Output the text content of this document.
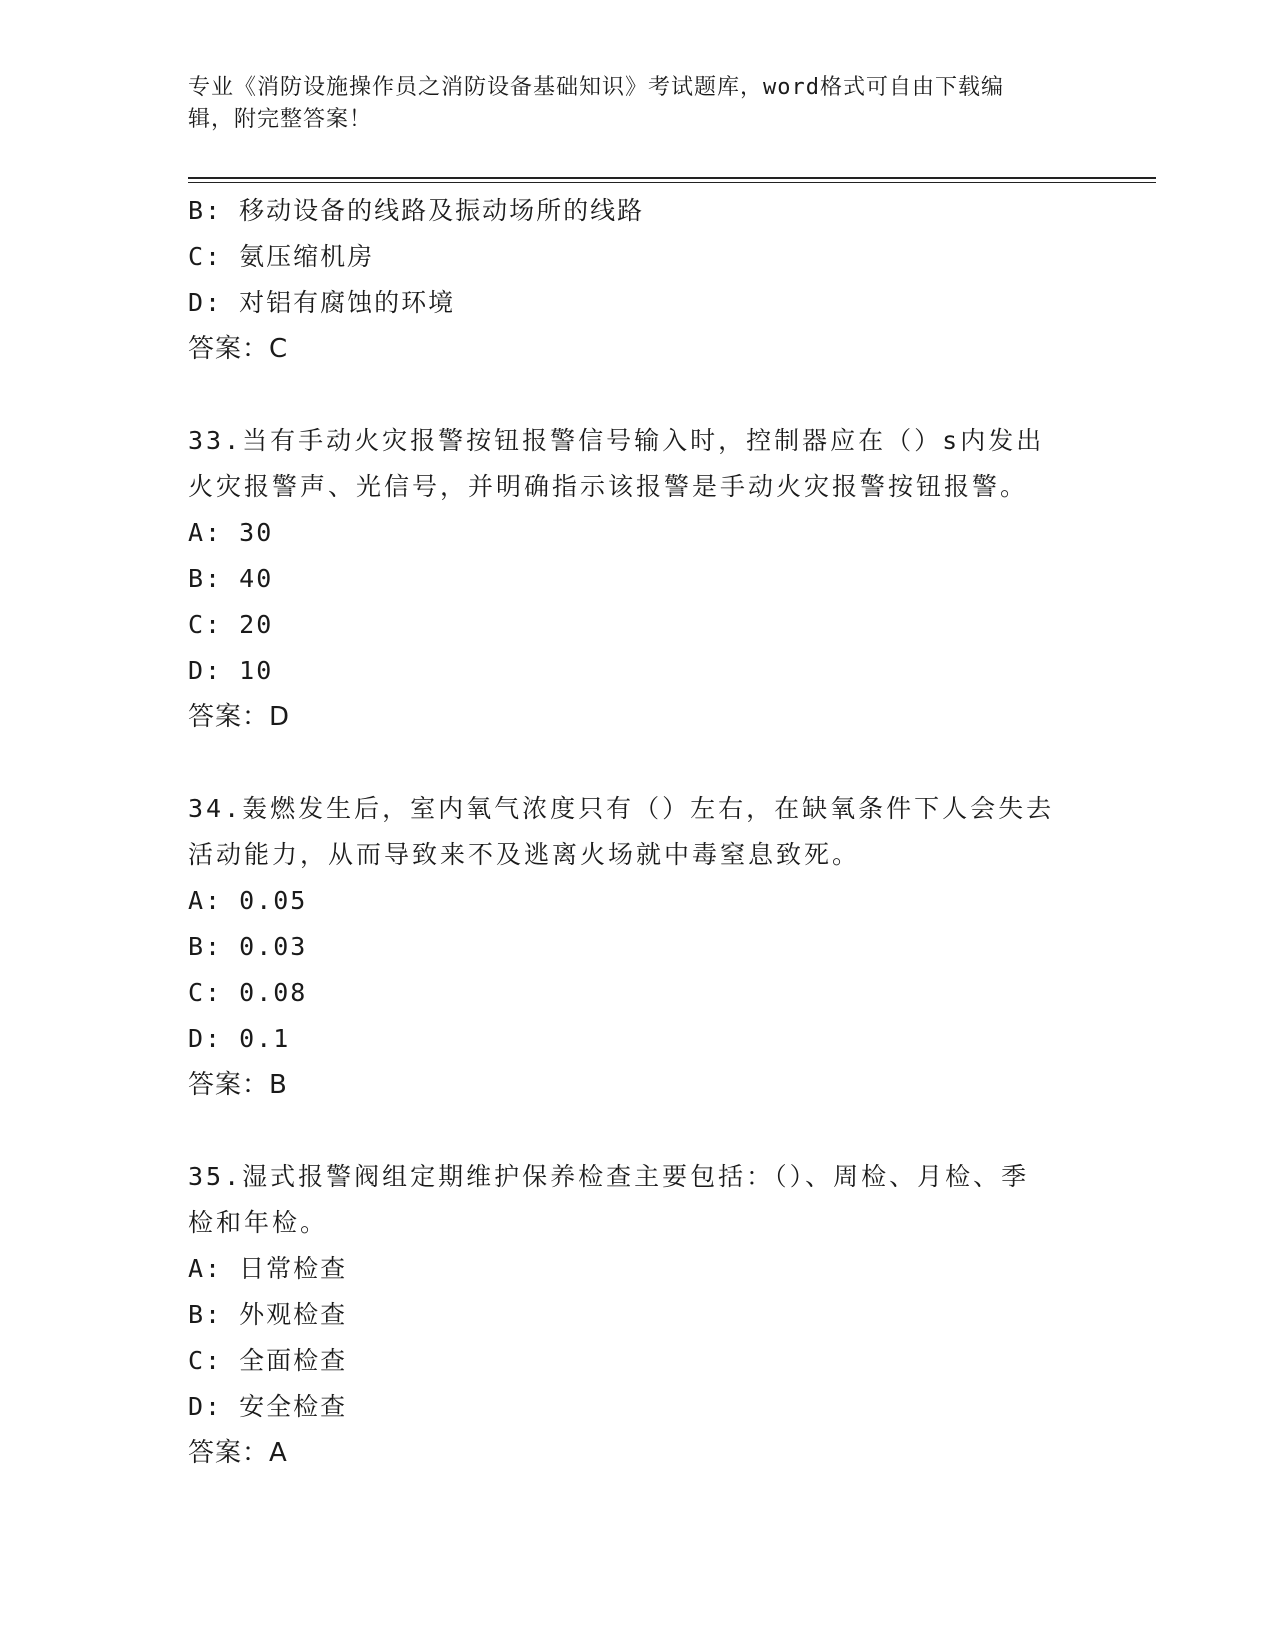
专业《消防设施操作员之消防设备基础知识》考试题库，word格式可自由下载编
辑，附完整答案！
B: 移动设备的线路及振动场所的线路
C: 氨压缩机房
D: 对铝有腐蚀的环境
答案：C
33.当有手动火灾报警按钮报警信号输入时，控制器应在（）s内发出
火灾报警声、光信号，并明确指示该报警是手动火灾报警按钮报警。
A: 30
B: 40
C: 20
D: 10
答案：D
34.轰燃发生后，室内氧气浓度只有（）左右，在缺氧条件下人会失去
活动能力，从而导致来不及逃离火场就中毒窒息致死。
A: 0.05
B: 0.03
C: 0.08
D: 0.1
答案：B
35.湿式报警阀组定期维护保养检查主要包括：（）、周检、月检、季
检和年检。
A: 日常检查
B: 外观检查
C: 全面检查
D: 安全检查
答案：A
